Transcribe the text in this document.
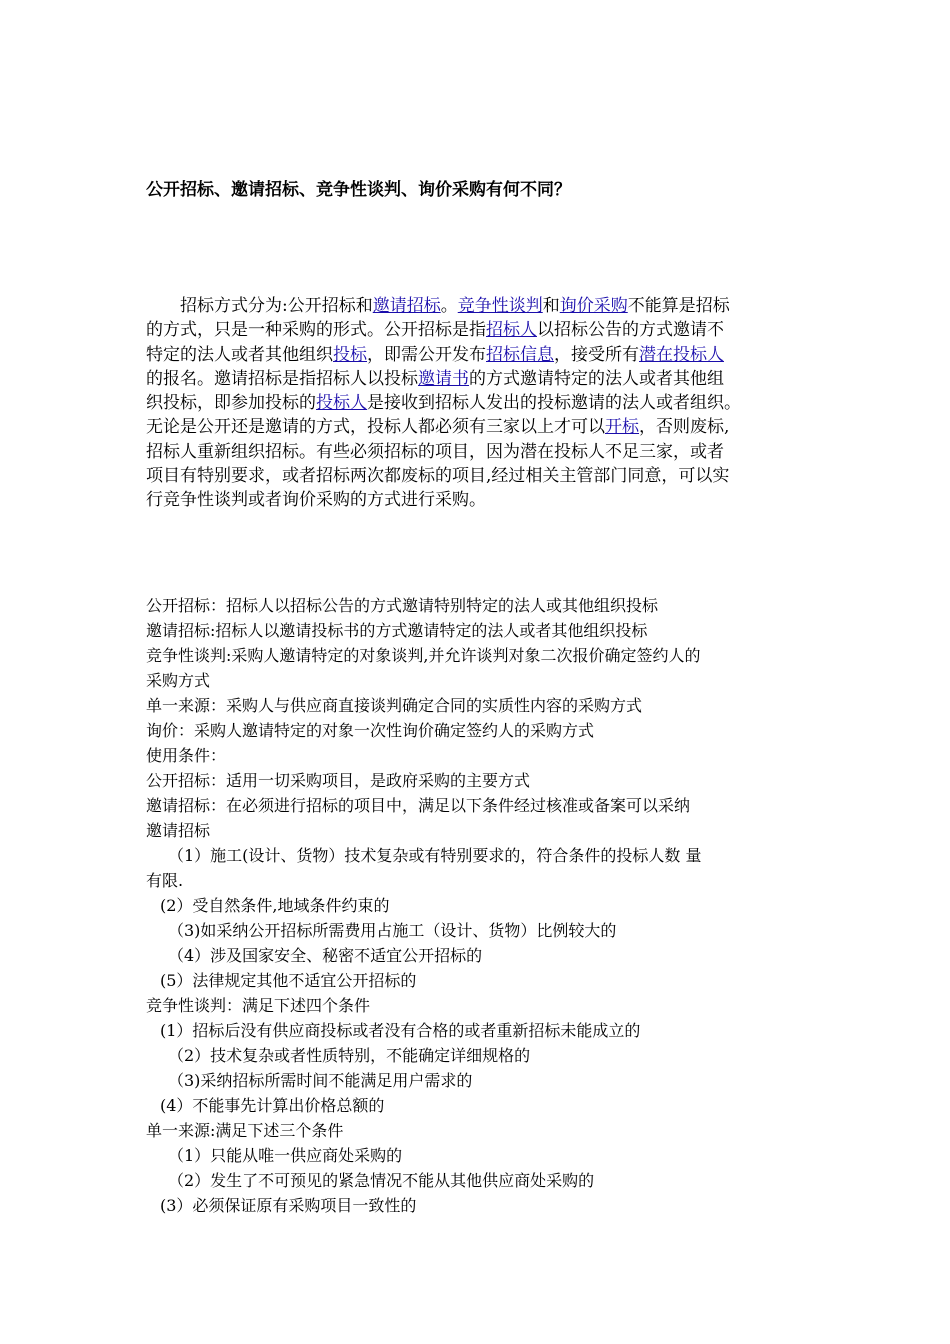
公开招标、邀请招标、竞争性谈判、询价采购有何不同？
　　招标方式分为:公开招标和邀请招标。竞争性谈判和询价采购不能算是招标
的方式，只是一种采购的形式。公开招标是指招标人以招标公告的方式邀请不
特定的法人或者其他组织投标，即需公开发布招标信息，接受所有潜在投标人
的报名。邀请招标是指招标人以投标邀请书的方式邀请特定的法人或者其他组
织投标，即参加投标的投标人是接收到招标人发出的投标邀请的法人或者组织。
无论是公开还是邀请的方式，投标人都必须有三家以上才可以开标，否则废标,
招标人重新组织招标。有些必须招标的项目，因为潜在投标人不足三家，或者
项目有特别要求，或者招标两次都废标的项目,经过相关主管部门同意，可以实
行竞争性谈判或者询价采购的方式进行采购。
公开招标：招标人以招标公告的方式邀请特别特定的法人或其他组织投标
邀请招标:招标人以邀请投标书的方式邀请特定的法人或者其他组织投标
竞争性谈判:采购人邀请特定的对象谈判,并允许谈判对象二次报价确定签约人的
采购方式
单一来源：采购人与供应商直接谈判确定合同的实质性内容的采购方式
询价：采购人邀请特定的对象一次性询价确定签约人的采购方式
使用条件：
公开招标：适用一切采购项目，是政府采购的主要方式
邀请招标：在必须进行招标的项目中，满足以下条件经过核准或备案可以采纳
邀请招标
（1）施工(设计、货物）技术复杂或有特别要求的，符合条件的投标人数 量
有限.
(2）受自然条件,地域条件约束的
（3)如采纳公开招标所需费用占施工（设计、货物）比例较大的
（4）涉及国家安全、秘密不适宜公开招标的
(5）法律规定其他不适宜公开招标的
竞争性谈判：满足下述四个条件
(1）招标后没有供应商投标或者没有合格的或者重新招标未能成立的
（2）技术复杂或者性质特别，不能确定详细规格的
（3)采纳招标所需时间不能满足用户需求的
(4）不能事先计算出价格总额的
单一来源:满足下述三个条件
（1）只能从唯一供应商处采购的
（2）发生了不可预见的紧急情况不能从其他供应商处采购的
(3）必须保证原有采购项目一致性的
